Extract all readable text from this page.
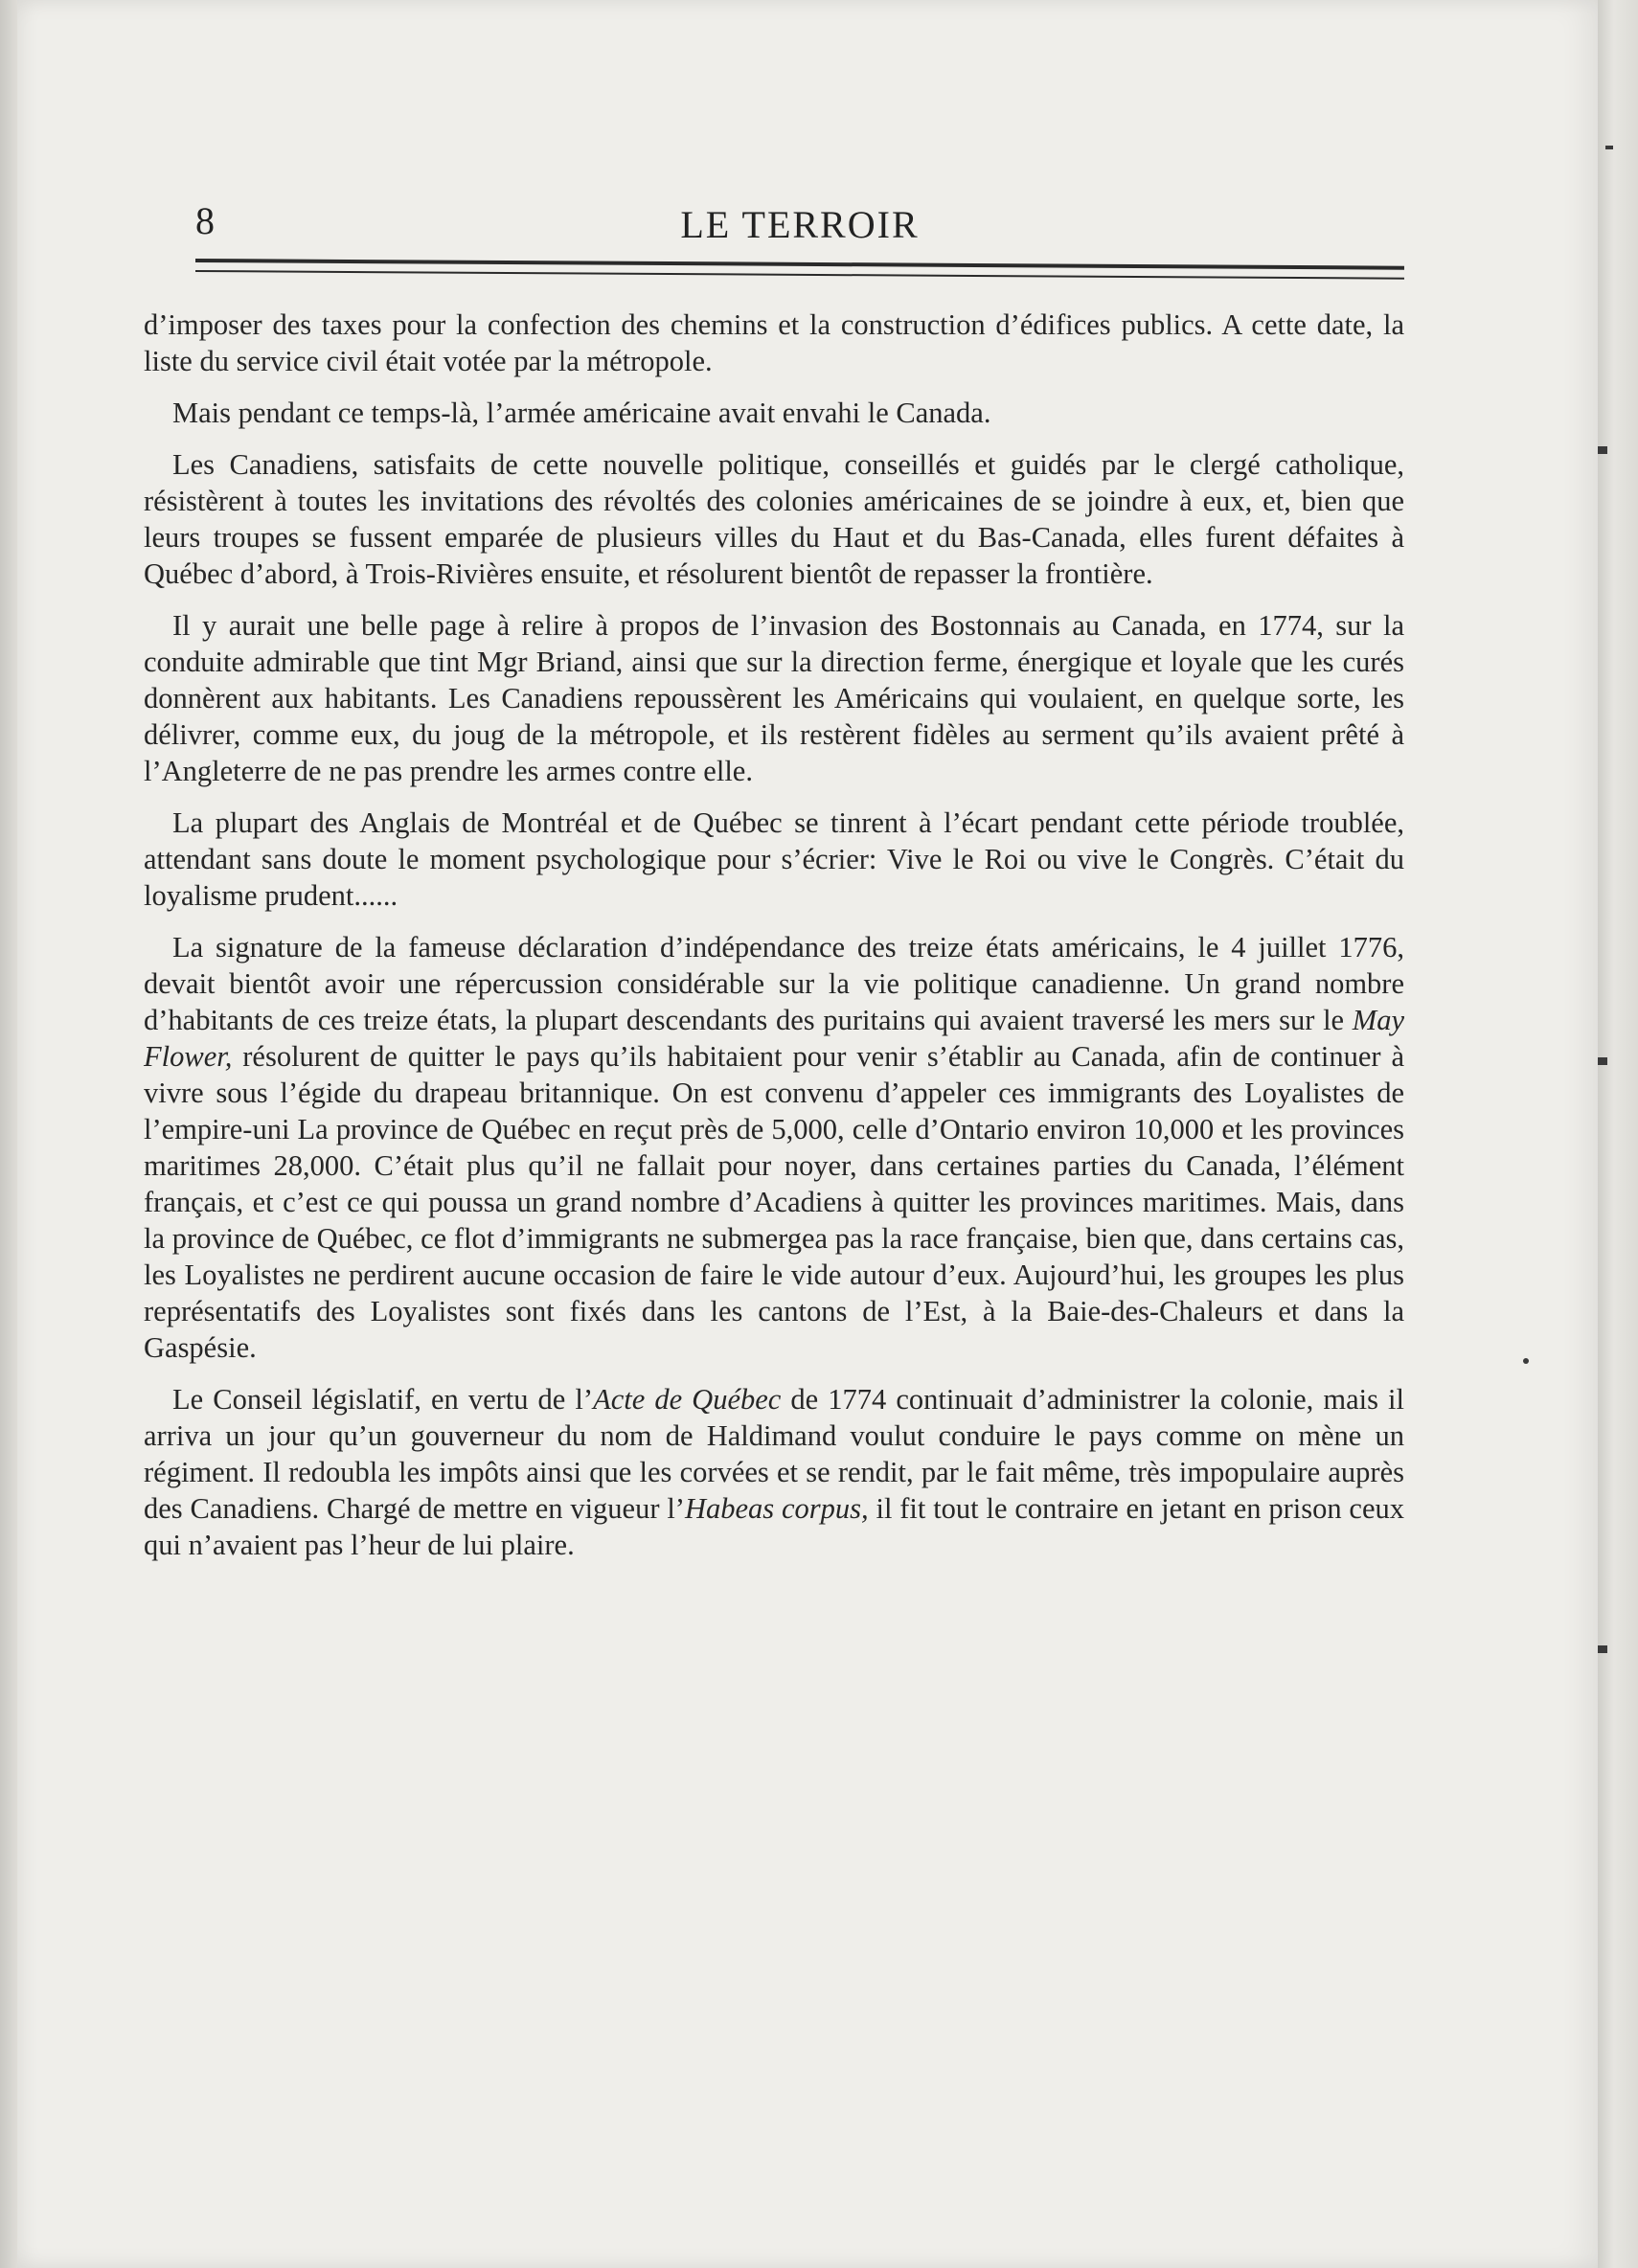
8	LE TERROIR

d’imposer des taxes pour la confection des chemins et la construction d’édifices publics. A cette date, la liste du service civil était votée par la métropole.

Mais pendant ce temps-là, l’armée américaine avait envahi le Canada.

Les Canadiens, satisfaits de cette nouvelle politique, conseillés et guidés par le clergé catholique, résistèrent à toutes les invitations des révoltés des colonies américaines de se joindre à eux, et, bien que leurs troupes se fussent emparée de plusieurs villes du Haut et du Bas-Canada, elles furent défaites à Québec d’abord, à Trois-Rivières ensuite, et résolurent bientôt de repasser la frontière.

Il y aurait une belle page à relire à propos de l’invasion des Bostonnais au Canada, en 1774, sur la conduite admirable que tint Mgr Briand, ainsi que sur la direction ferme, énergique et loyale que les curés donnèrent aux habitants. Les Canadiens repoussèrent les Américains qui voulaient, en quelque sorte, les délivrer, comme eux, du joug de la métropole, et ils restèrent fidèles au serment qu’ils avaient prêté à l’Angleterre de ne pas prendre les armes contre elle.

La plupart des Anglais de Montréal et de Québec se tinrent à l’écart pendant cette période troublée, attendant sans doute le moment psychologique pour s’écrier: Vive le Roi ou vive le Congrès. C’était du loyalisme prudent......

La signature de la fameuse déclaration d’indépendance des treize états américains, le 4 juillet 1776, devait bientôt avoir une répercussion considérable sur la vie politique canadienne. Un grand nombre d’habitants de ces treize états, la plupart descendants des puritains qui avaient traversé les mers sur le May Flower, résolurent de quitter le pays qu’ils habitaient pour venir s’établir au Canada, afin de continuer à vivre sous l’égide du drapeau britannique. On est convenu d’appeler ces immigrants des Loyalistes de l’empire-uni La province de Québec en reçut près de 5,000, celle d’Ontario environ 10,000 et les provinces maritimes 28,000. C’était plus qu’il ne fallait pour noyer, dans certaines parties du Canada, l’élément français, et c’est ce qui poussa un grand nombre d’Acadiens à quitter les provinces maritimes. Mais, dans la province de Québec, ce flot d’immigrants ne submergea pas la race française, bien que, dans certains cas, les Loyalistes ne perdirent aucune occasion de faire le vide autour d’eux. Aujourd’hui, les groupes les plus représentatifs des Loyalistes sont fixés dans les cantons de l’Est, à la Baie-des-Chaleurs et dans la Gaspésie.

Le Conseil législatif, en vertu de l’Acte de Québec de 1774 continuait d’administrer la colonie, mais il arriva un jour qu’un gouverneur du nom de Haldimand voulut conduire le pays comme on mène un régiment. Il redoubla les impôts ainsi que les corvées et se rendit, par le fait même, très impopulaire auprès des Canadiens. Chargé de mettre en vigueur l’Habeas corpus, il fit tout le contraire en jetant en prison ceux qui n’avaient pas l’heur de lui plaire.
